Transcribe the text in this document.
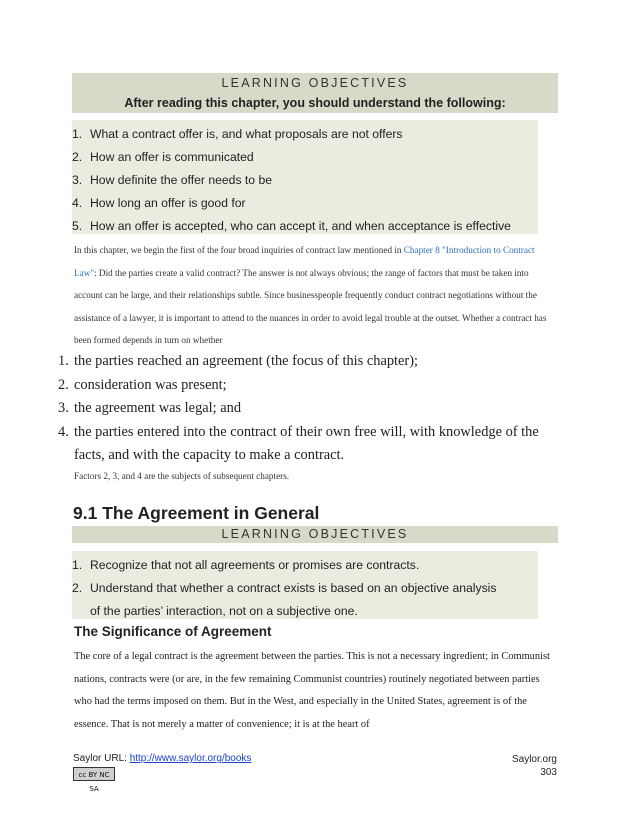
LEARNING OBJECTIVES
After reading this chapter, you should understand the following:
1. What a contract offer is, and what proposals are not offers
2. How an offer is communicated
3. How definite the offer needs to be
4. How long an offer is good for
5. How an offer is accepted, who can accept it, and when acceptance is effective
In this chapter, we begin the first of the four broad inquiries of contract law mentioned in Chapter 8 "Introduction to Contract Law": Did the parties create a valid contract? The answer is not always obvious; the range of factors that must be taken into account can be large, and their relationships subtle. Since businesspeople frequently conduct contract negotiations without the assistance of a lawyer, it is important to attend to the nuances in order to avoid legal trouble at the outset. Whether a contract has been formed depends in turn on whether
1. the parties reached an agreement (the focus of this chapter);
2. consideration was present;
3. the agreement was legal; and
4. the parties entered into the contract of their own free will, with knowledge of the facts, and with the capacity to make a contract.
Factors 2, 3, and 4 are the subjects of subsequent chapters.
9.1 The Agreement in General
LEARNING OBJECTIVES
1. Recognize that not all agreements or promises are contracts.
2. Understand that whether a contract exists is based on an objective analysis of the parties’ interaction, not on a subjective one.
The Significance of Agreement
The core of a legal contract is the agreement between the parties. This is not a necessary ingredient; in Communist nations, contracts were (or are, in the few remaining Communist countries) routinely negotiated between parties who had the terms imposed on them. But in the West, and especially in the United States, agreement is of the essence. That is not merely a matter of convenience; it is at the heart of
Saylor URL: http://www.saylor.org/books
cc BY NC SA
Saylor.org
303
